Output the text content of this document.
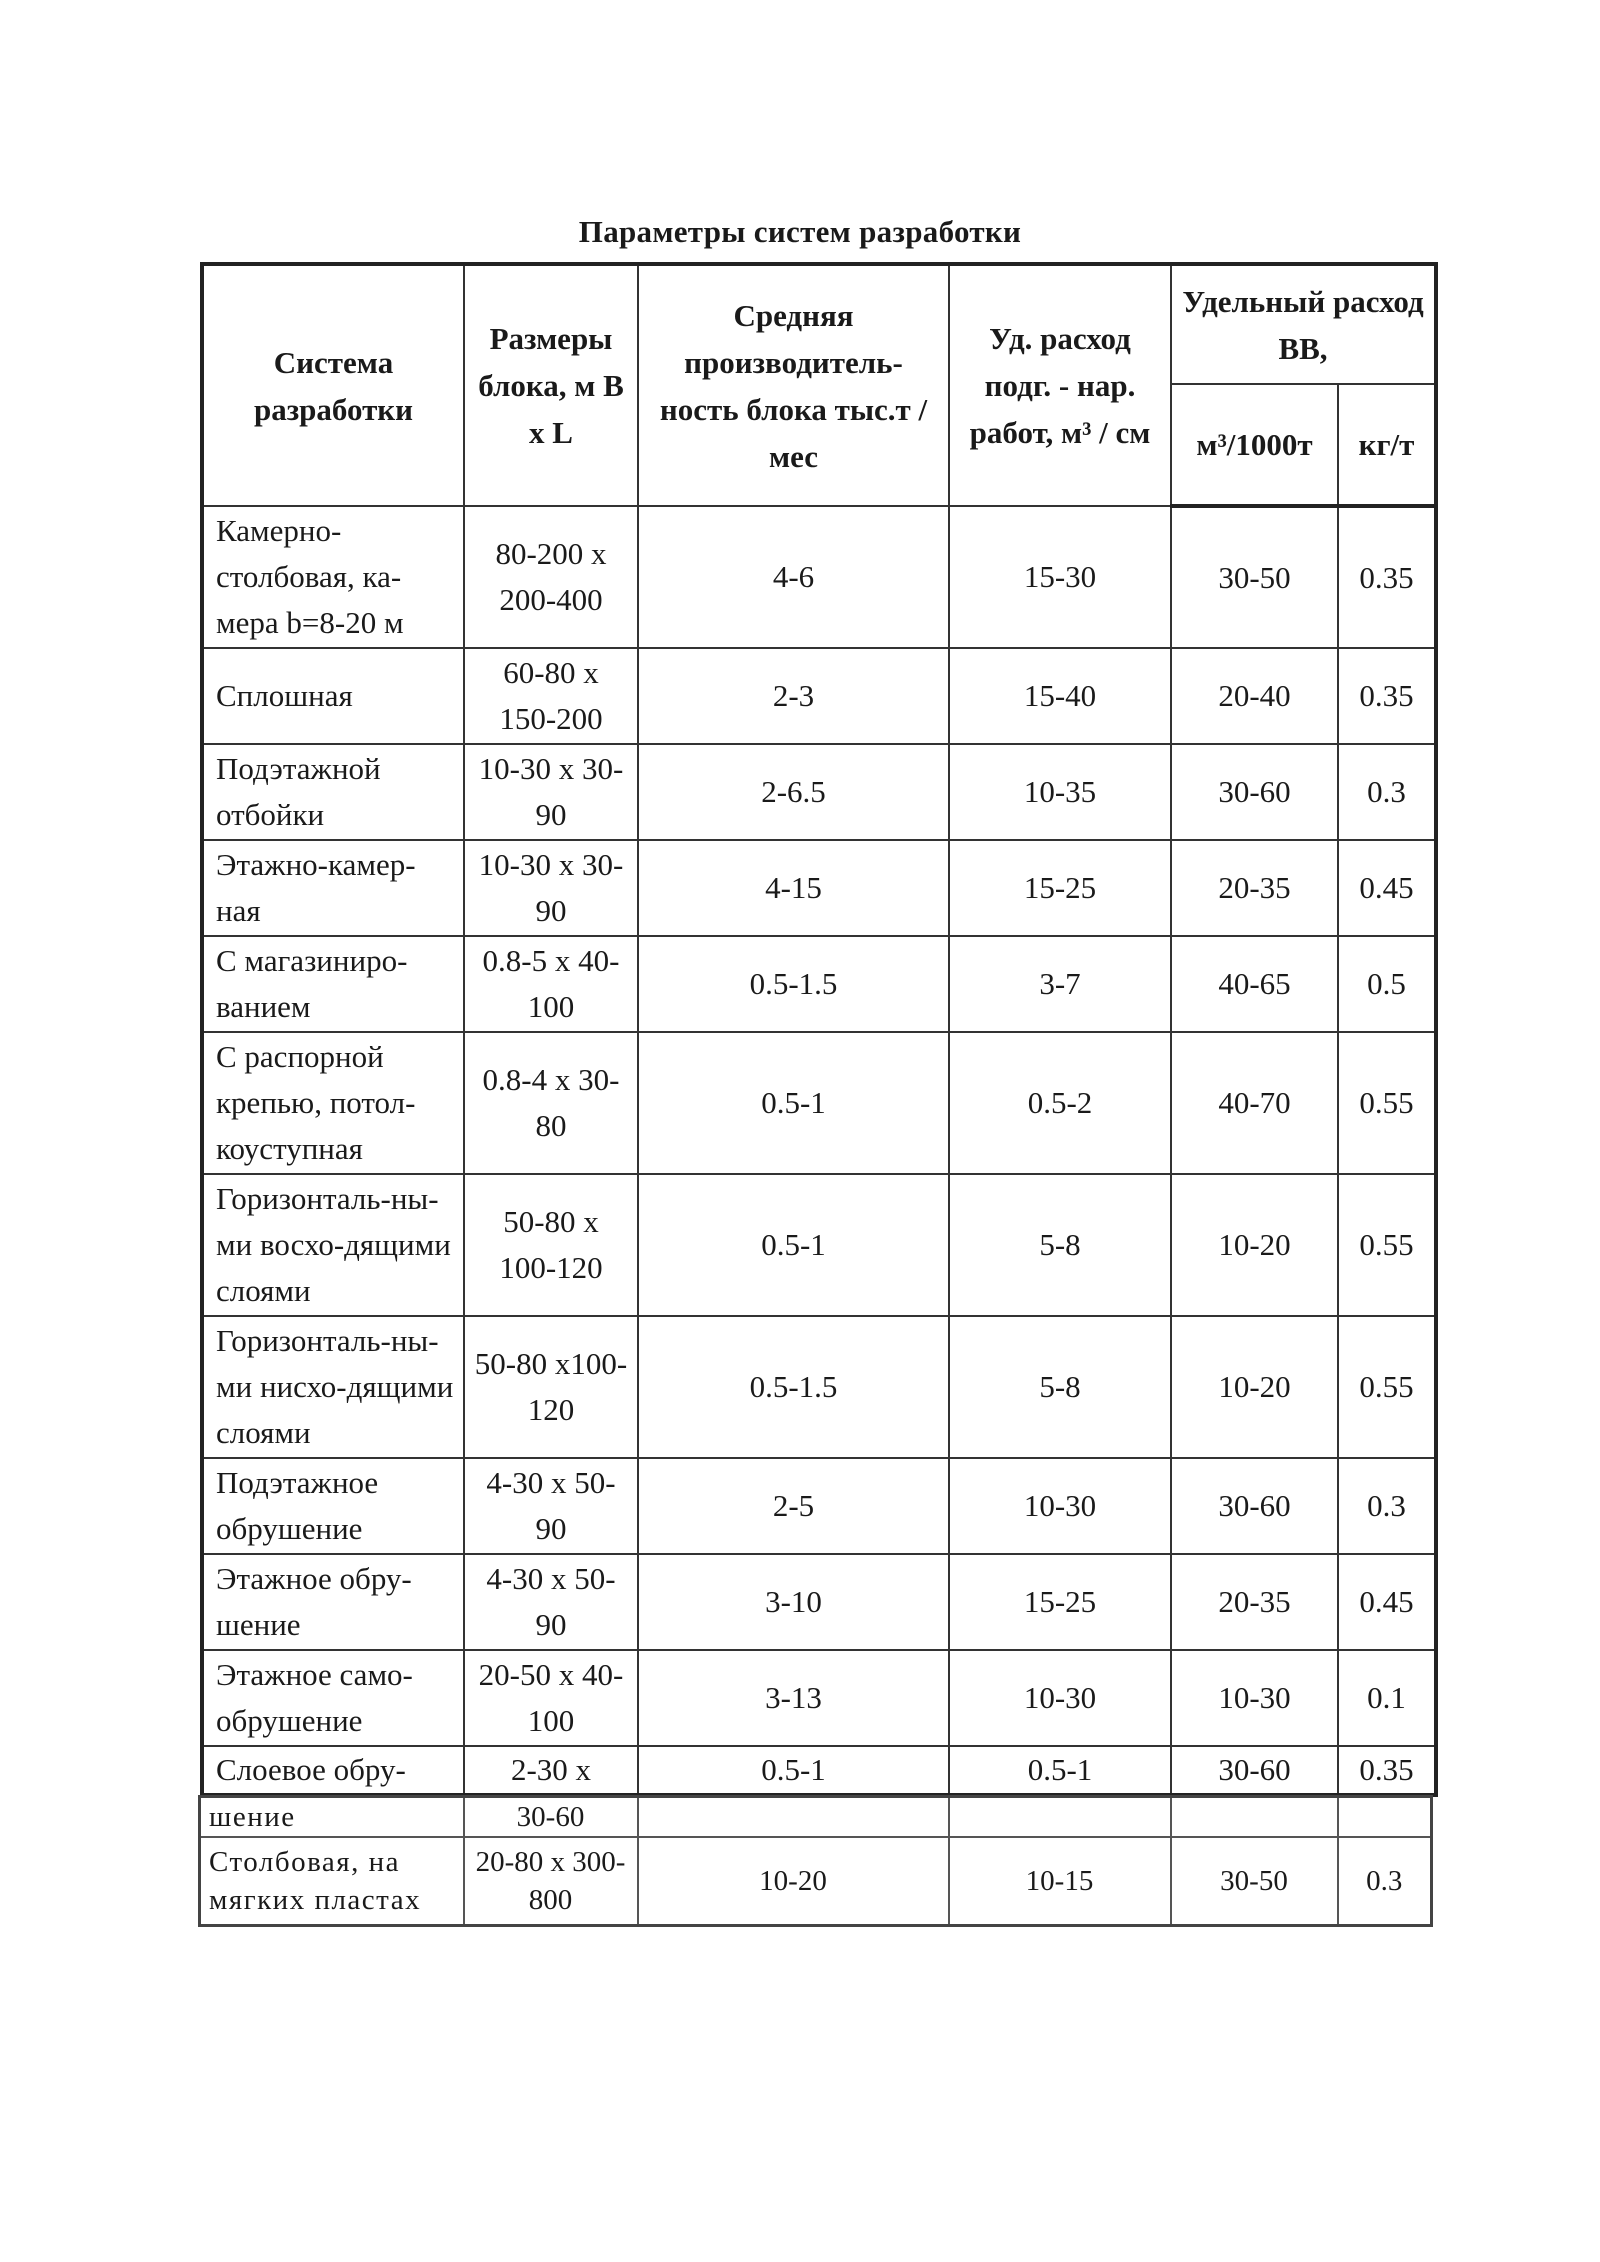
Параметры систем разработки
Система разработки	Размеры блока, м B x L	Средняя производитель-ность блока тыс.т / мес	Уд. расход подг. - нар. работ, м³ / см	Удельный расход ВВ,	
				м³/1000т	кг/т
Камерно-столбовая, ка-мера b=8-20 м	80-200 x 200-400	4-6	15-30	30-50	0.35
Сплошная	60-80 x 150-200	2-3	15-40	20-40	0.35
Подэтажной отбойки	10-30 x 30-90	2-6.5	10-35	30-60	0.3
Этажно-камер-ная	10-30 x 30-90	4-15	15-25	20-35	0.45
С магазиниро-ванием	0.8-5 x 40-100	0.5-1.5	3-7	40-65	0.5
С распорной крепью, потол-коуступная	0.8-4 x 30-80	0.5-1	0.5-2	40-70	0.55
Горизонталь-ны-ми восхо-дящими слоями	50-80 x 100-120	0.5-1	5-8	10-20	0.55
Горизонталь-ны-ми нисхо-дящими слоями	50-80 x100-120	0.5-1.5	5-8	10-20	0.55
Подэтажное обрушение	4-30 x 50-90	2-5	10-30	30-60	0.3
Этажное обру-шение	4-30 x 50-90	3-10	15-25	20-35	0.45
Этажное само-обрушение	20-50 x 40-100	3-13	10-30	10-30	0.1
Слоевое обру-	2-30 x	0.5-1	0.5-1	30-60	0.35
шение	30-60				
Столбовая, на мягких пластах	20-80 x 300-800	10-20	10-15	30-50	0.3
